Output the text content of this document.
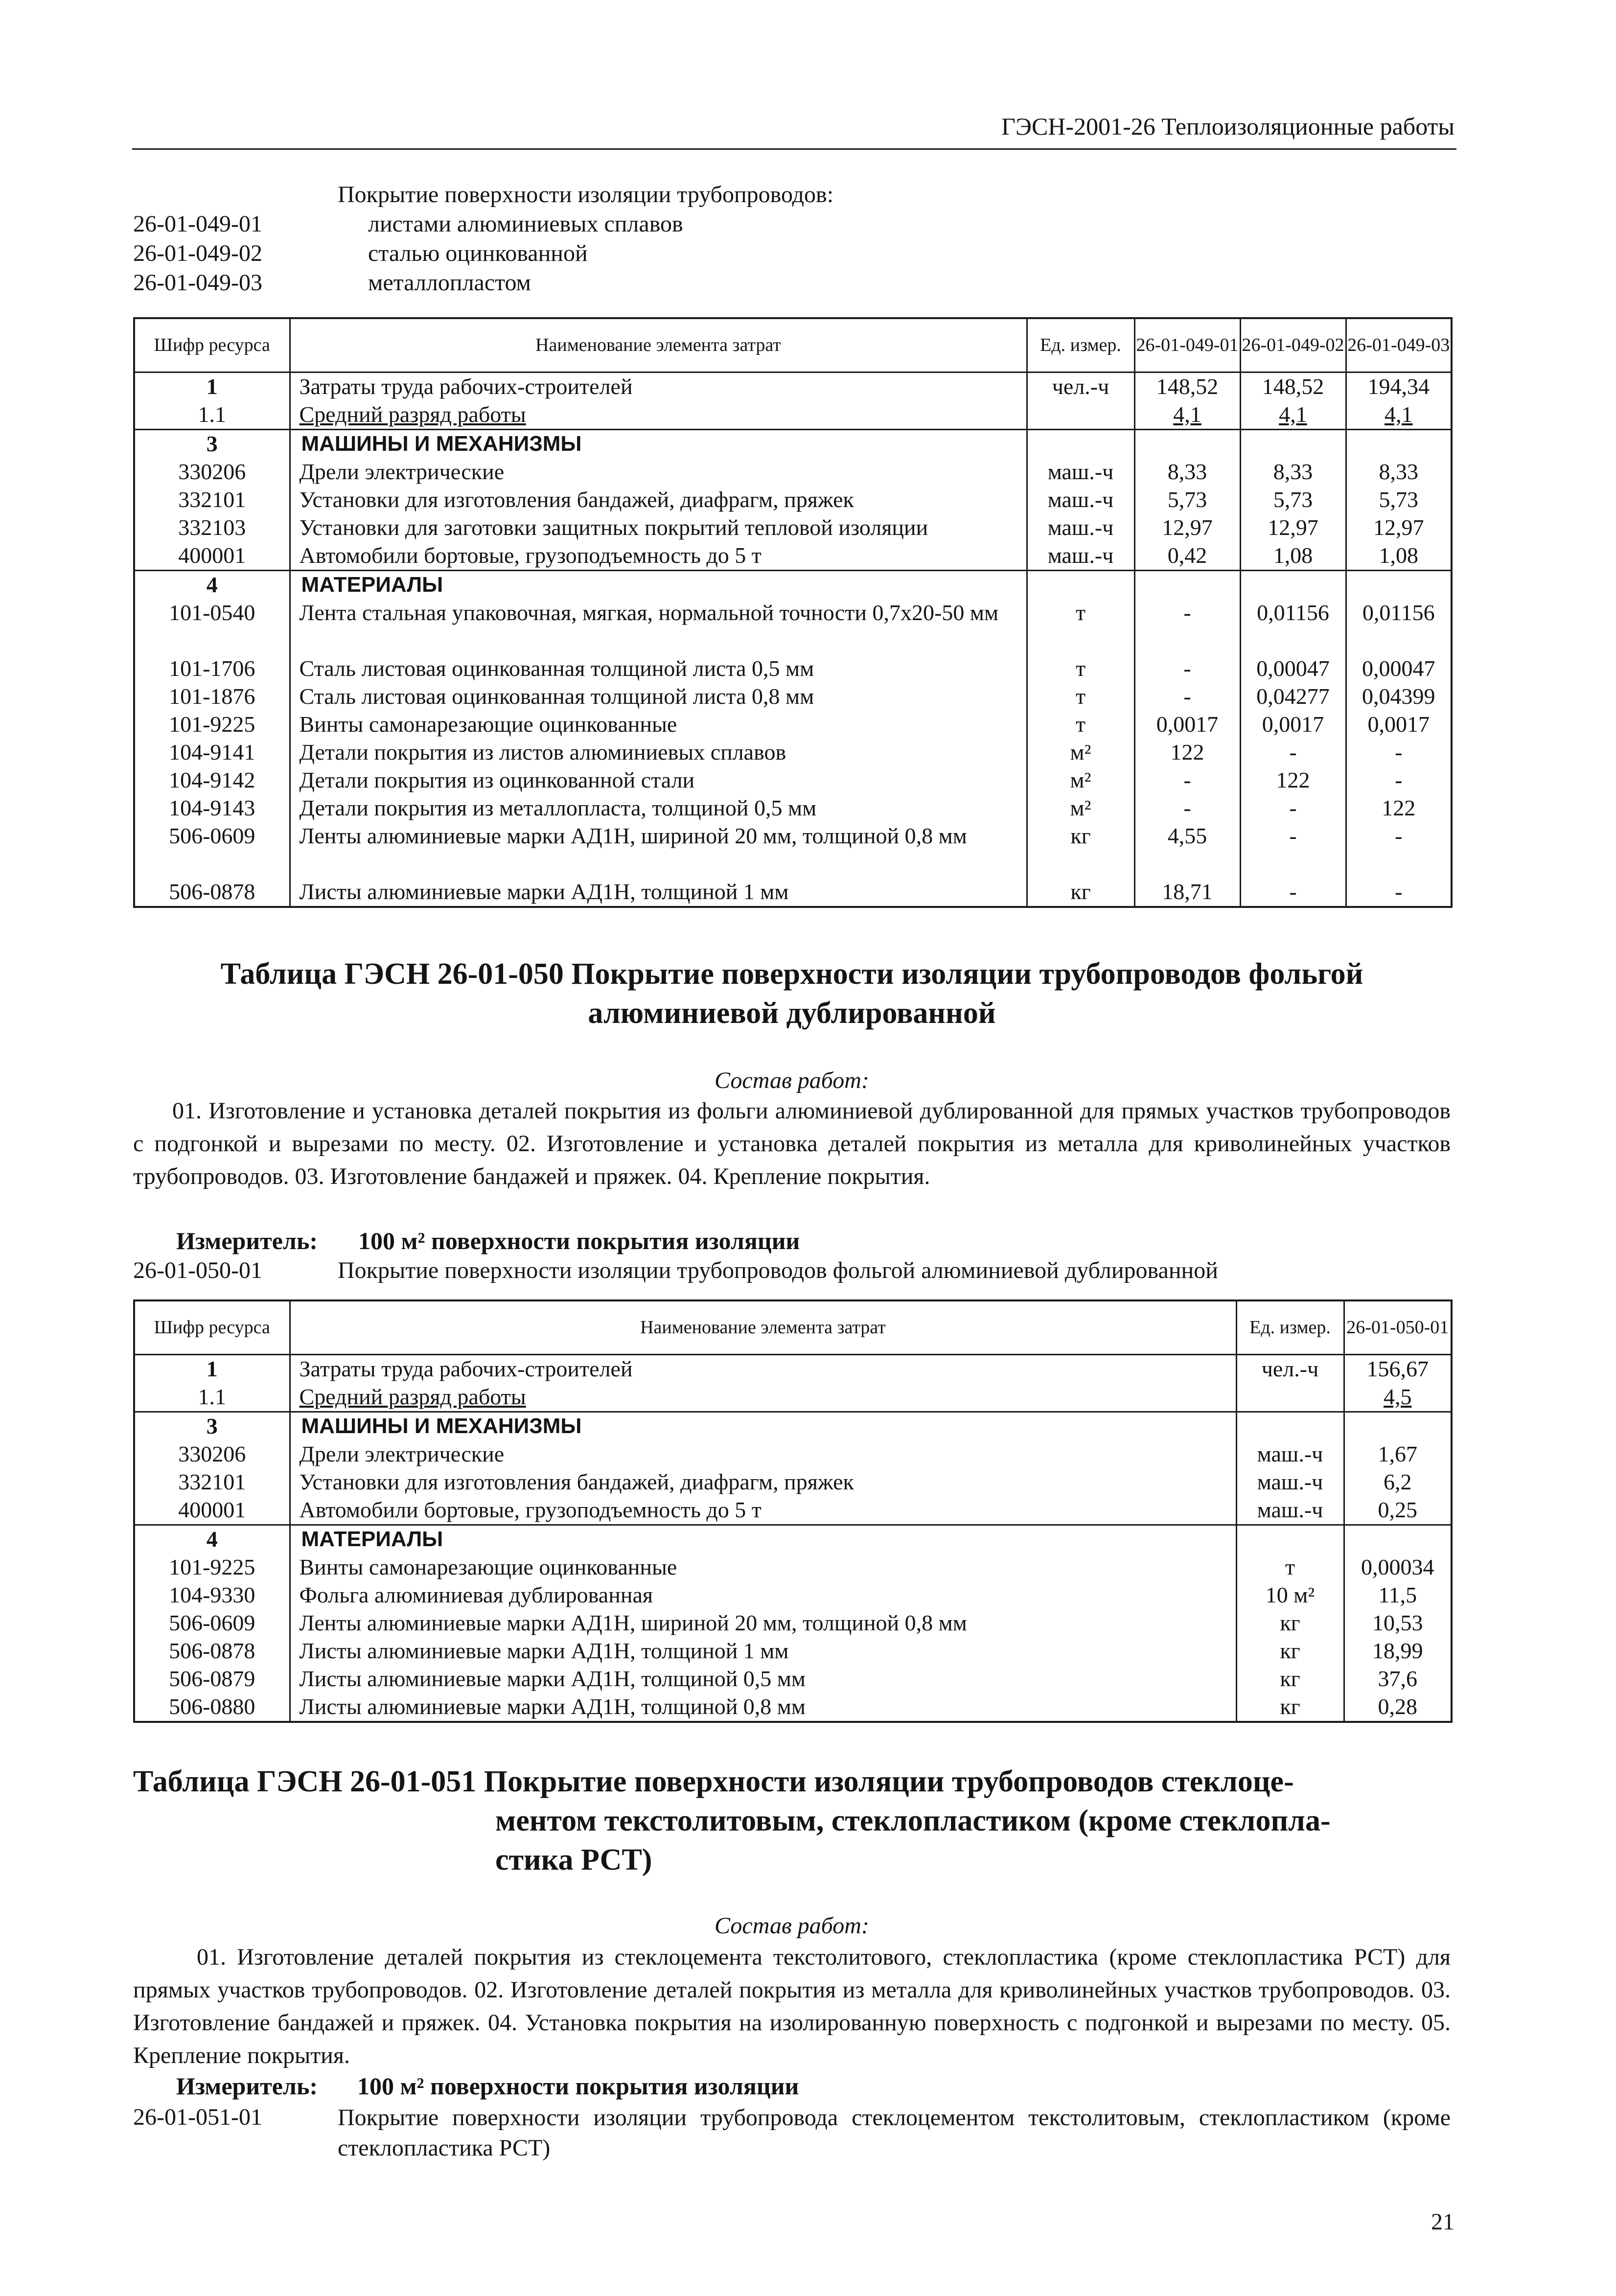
ГЭСН-2001-26 Теплоизоляционные работы
Покрытие поверхности изоляции трубопроводов:
26-01-049-01	листами алюминиевых сплавов
26-01-049-02	сталью оцинкованной
26-01-049-03	металлопластом
Шифр ресурса	Наименование элемента затрат	Ед. измер.	26-01-049-01	26-01-049-02	26-01-049-03
1	Затраты труда рабочих-строителей	чел.-ч	148,52	148,52	194,34
1.1	Средний разряд работы		4,1	4,1	4,1
3	МАШИНЫ И МЕХАНИЗМЫ				
330206	Дрели электрические	маш.-ч	8,33	8,33	8,33
332101	Установки для изготовления бандажей, диафрагм, пряжек	маш.-ч	5,73	5,73	5,73
332103	Установки для заготовки защитных покрытий тепловой изоляции	маш.-ч	12,97	12,97	12,97
400001	Автомобили бортовые, грузоподъемность до 5 т	маш.-ч	0,42	1,08	1,08
4	МАТЕРИАЛЫ				
101-0540	Лента стальная упаковочная, мягкая, нормальной точности 0,7х20-50 мм	т	-	0,01156	0,01156
101-1706	Сталь листовая оцинкованная толщиной листа 0,5 мм	т	-	0,00047	0,00047
101-1876	Сталь листовая оцинкованная толщиной листа 0,8 мм	т	-	0,04277	0,04399
101-9225	Винты самонарезающие оцинкованные	т	0,0017	0,0017	0,0017
104-9141	Детали покрытия из листов алюминиевых сплавов	м²	122	-	-
104-9142	Детали покрытия из оцинкованной стали	м²	-	122	-
104-9143	Детали покрытия из металлопласта, толщиной 0,5 мм	м²	-	-	122
506-0609	Ленты алюминиевые марки АД1Н, шириной 20 мм, толщиной 0,8 мм	кг	4,55	-	-
506-0878	Листы алюминиевые марки АД1Н, толщиной 1 мм	кг	18,71	-	-
Таблица ГЭСН 26-01-050 Покрытие поверхности изоляции трубопроводов фольгой
алюминиевой дублированной
Состав работ:
01. Изготовление и установка деталей покрытия из фольги алюминиевой дублированной для прямых участков трубопроводов с подгонкой и вырезами по месту. 02. Изготовление и установка деталей покрытия из металла для криволинейных участков трубопроводов. 03. Изготовление бандажей и пряжек. 04. Крепление покрытия.
Измеритель: 100 м² поверхности покрытия изоляции
26-01-050-01	Покрытие поверхности изоляции трубопроводов фольгой алюминиевой дублированной
Шифр ресурса	Наименование элемента затрат	Ед. измер.	26-01-050-01
1	Затраты труда рабочих-строителей	чел.-ч	156,67
1.1	Средний разряд работы		4,5
3	МАШИНЫ И МЕХАНИЗМЫ		
330206	Дрели электрические	маш.-ч	1,67
332101	Установки для изготовления бандажей, диафрагм, пряжек	маш.-ч	6,2
400001	Автомобили бортовые, грузоподъемность до 5 т	маш.-ч	0,25
4	МАТЕРИАЛЫ		
101-9225	Винты самонарезающие оцинкованные	т	0,00034
104-9330	Фольга алюминиевая дублированная	10 м²	11,5
506-0609	Ленты алюминиевые марки АД1Н, шириной 20 мм, толщиной 0,8 мм	кг	10,53
506-0878	Листы алюминиевые марки АД1Н, толщиной 1 мм	кг	18,99
506-0879	Листы алюминиевые марки АД1Н, толщиной 0,5 мм	кг	37,6
506-0880	Листы алюминиевые марки АД1Н, толщиной 0,8 мм	кг	0,28
Таблица ГЭСН 26-01-051 Покрытие поверхности изоляции трубопроводов стеклоце-
ментом текстолитовым, стеклопластиком (кроме стеклопла-
стика РСТ)
Состав работ:
01. Изготовление деталей покрытия из стеклоцемента текстолитового, стеклопластика (кроме стеклопластика РСТ) для прямых участков трубопроводов. 02. Изготовление деталей покрытия из металла для криволинейных участков трубопроводов. 03. Изготовление бандажей и пряжек. 04. Установка покрытия на изолированную поверхность с подгонкой и вырезами по месту. 05. Крепление покрытия.
Измеритель: 100 м² поверхности покрытия изоляции
26-01-051-01	Покрытие поверхности изоляции трубопровода стеклоцементом текстолитовым, стеклопластиком (кроме стеклопластика РСТ)
21
